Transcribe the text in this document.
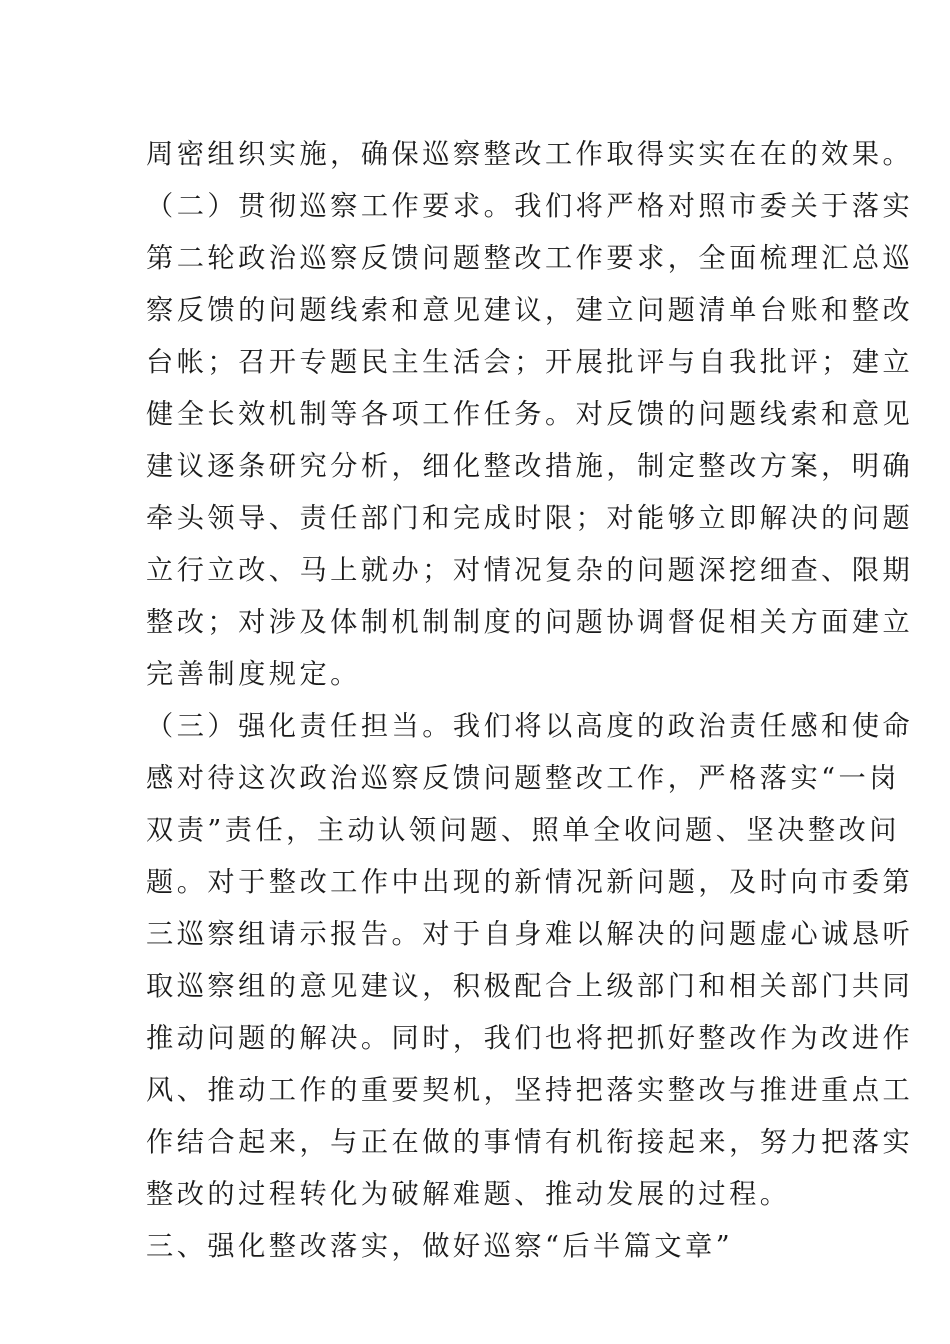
周密组织实施，确保巡察整改工作取得实实在在的效果。
（二）贯彻巡察工作要求。我们将严格对照市委关于落实
第二轮政治巡察反馈问题整改工作要求，全面梳理汇总巡
察反馈的问题线索和意见建议，建立问题清单台账和整改
台帐；召开专题民主生活会；开展批评与自我批评；建立
健全长效机制等各项工作任务。对反馈的问题线索和意见
建议逐条研究分析，细化整改措施，制定整改方案，明确
牵头领导、责任部门和完成时限；对能够立即解决的问题
立行立改、马上就办；对情况复杂的问题深挖细查、限期
整改；对涉及体制机制制度的问题协调督促相关方面建立
完善制度规定。
（三）强化责任担当。我们将以高度的政治责任感和使命
感对待这次政治巡察反馈问题整改工作，严格落实“一岗
双责”责任，主动认领问题、照单全收问题、坚决整改问
题。对于整改工作中出现的新情况新问题，及时向市委第
三巡察组请示报告。对于自身难以解决的问题虚心诚恳听
取巡察组的意见建议，积极配合上级部门和相关部门共同
推动问题的解决。同时，我们也将把抓好整改作为改进作
风、推动工作的重要契机，坚持把落实整改与推进重点工
作结合起来，与正在做的事情有机衔接起来，努力把落实
整改的过程转化为破解难题、推动发展的过程。
三、强化整改落实，做好巡察“后半篇文章”
